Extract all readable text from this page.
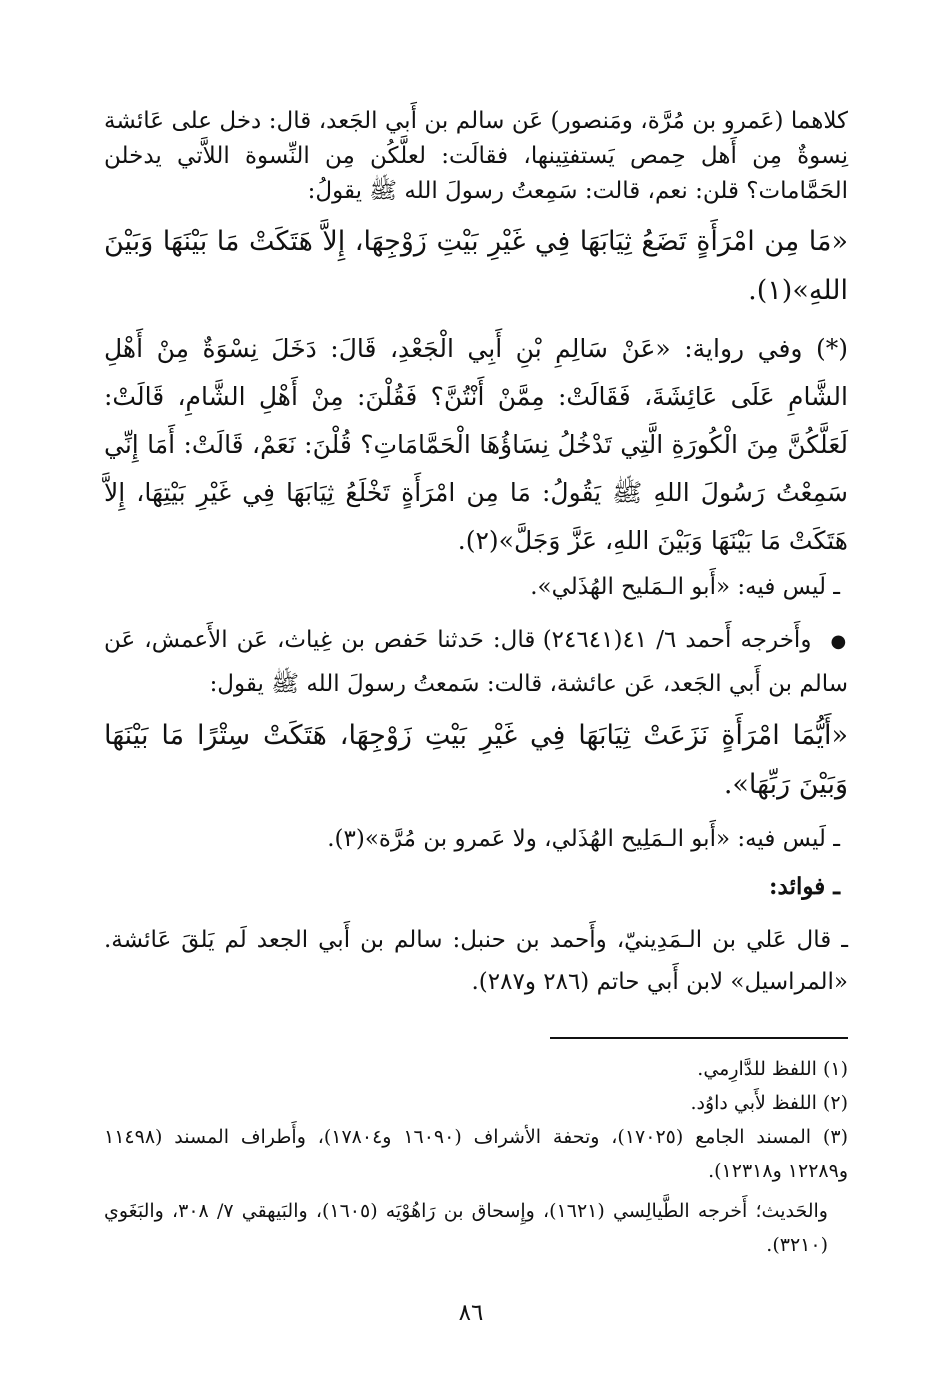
كلاهما (عَمرو بن مُرَّة، ومَنصور) عَن سالم بن أَبي الجَعد، قال: دخل على عَائشة نِسوةٌ مِن أَهل حِمص يَستفتِينها، فقالَت: لعلَّكُن مِن النِّسوة اللاَّتي يدخلن الحَمَّامات؟ قلن: نعم، قالت: سَمِعتُ رسولَ الله ﷺ يقولُ:

«مَا مِن امْرَأَةٍ تَضَعُ ثِيَابَهَا فِي غَيْرِ بَيْتِ زَوْجِهَا، إِلاَّ هَتَكَتْ مَا بَيْنَهَا وَبَيْنَ اللهِ»(١).

(*) وفي رواية: «عَنْ سَالِمِ بْنِ أَبِي الْجَعْدِ، قَالَ: دَخَلَ نِسْوَةٌ مِنْ أَهْلِ الشَّامِ عَلَى عَائِشَةَ، فَقَالَتْ: مِمَّنْ أَنْتُنَّ؟ فَقُلْنَ: مِنْ أَهْلِ الشَّامِ، قَالَتْ: لَعَلَّكُنَّ مِنَ الْكُورَةِ الَّتِي تَدْخُلُ نِسَاؤُهَا الْحَمَّامَاتِ؟ قُلْنَ: نَعَمْ، قَالَتْ: أَمَا إِنِّي سَمِعْتُ رَسُولَ اللهِ ﷺ يَقُولُ: مَا مِن امْرَأَةٍ تَخْلَعُ ثِيَابَهَا فِي غَيْرِ بَيْتِهَا، إِلاَّ هَتَكَتْ مَا بَيْنَهَا وَبَيْنَ اللهِ، عَزَّ وَجَلَّ»(٢).

ـ لَيس فيه: «أَبو الـمَليح الهُذَلي».

● وأَخرجه أَحمد ٦/ ٤١(٢٤٦٤١) قال: حَدثنا حَفص بن غِياث، عَن الأَعمش، عَن سالم بن أَبي الجَعد، عَن عائشة، قالت: سَمعتُ رسولَ الله ﷺ يقول:

«أَيُّمَا امْرَأَةٍ نَزَعَتْ ثِيَابَهَا فِي غَيْرِ بَيْتِ زَوْجِهَا، هَتَكَتْ سِتْرًا مَا بَيْنَهَا وَبَيْنَ رَبِّهَا».

ـ لَيس فيه: «أَبو الـمَلِيح الهُذَلي، ولا عَمرو بن مُرَّة»(٣).
ـ فوائد:

ـ قال عَلي بن الـمَدِينيّ، وأَحمد بن حنبل: سالم بن أَبي الجعد لَم يَلقَ عَائشة. «المراسيل» لابن أَبي حاتم (٢٨٦ و٢٨٧).

(١) اللفظ للدَّارِمي.
(٢) اللفظ لأَبي داوُد.
(٣) المسند الجامع (١٧٠٢٥)، وتحفة الأشراف (١٦٠٩٠ و١٧٨٠٤)، وأَطراف المسند (١١٤٩٨ و١٢٢٨٩ و١٢٣١٨).
والحَديث؛ أَخرجه الطَّيالِسي (١٦٢١)، وإِسحاق بن رَاهُوْيَه (١٦٠٥)، والبَيهقي ٧/ ٣٠٨، والبَغَوي (٣٢١٠).
٨٦
